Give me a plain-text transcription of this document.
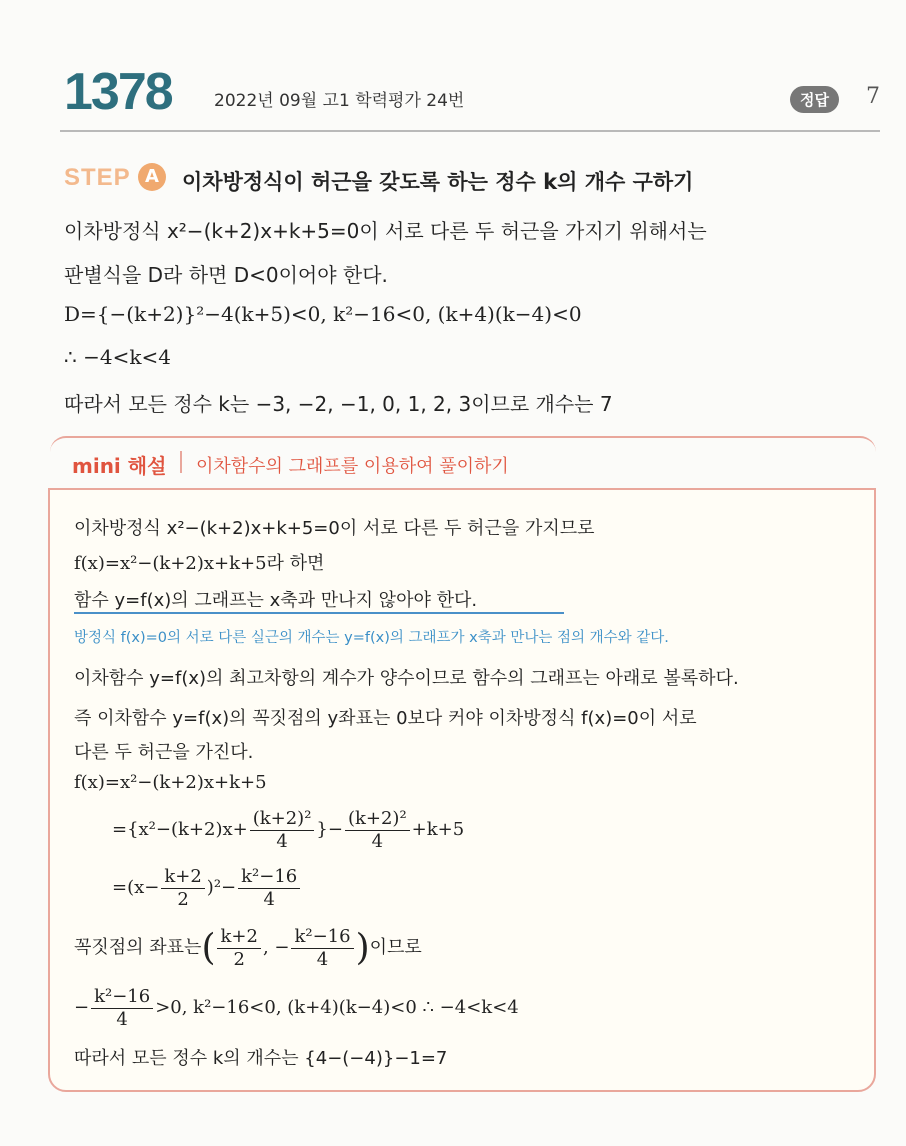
1378 2022년 09월 고1 학력평가 24번	정답	7
STEP A	이차방정식이 허근을 갖도록 하는 정수 k의 개수 구하기
이차방정식 x²−(k+2)x+k+5=0이 서로 다른 두 허근을 가지기 위해서는
판별식을 D라 하면 D<0이어야 한다.
D={−(k+2)}²−4(k+5)<0, k²−16<0, (k+4)(k−4)<0
∴ −4<k<4
따라서 모든 정수 k는 −3, −2, −1, 0, 1, 2, 3이므로 개수는 7
mini 해설 이차함수의 그래프를 이용하여 풀이하기
이차방정식 x²−(k+2)x+k+5=0이 서로 다른 두 허근을 가지므로
f(x)=x²−(k+2)x+k+5라 하면
함수 y=f(x)의 그래프는 x축과 만나지 않아야 한다.
방정식 f(x)=0의 서로 다른 실근의 개수는 y=f(x)의 그래프가 x축과 만나는 점의 개수와 같다.
이차함수 y=f(x)의 최고차항의 계수가 양수이므로 함수의 그래프는 아래로 볼록하다.
즉 이차함수 y=f(x)의 꼭짓점의 y좌표는 0보다 커야 이차방정식 f(x)=0이 서로
다른 두 허근을 가진다.
f(x)=x²−(k+2)x+k+5
$=\{x^2-(k+2)x+ \frac{\text{(k+2)²}}{4}$ }− $\frac{\text{(k+2)²}}{4} +k+5$
$=(x- \frac{k+2}{2} )^2- \frac{\text{k²−16}}{4}$
꼭짓점의 좌표는( $\frac{k+2}{2}$ , − $\frac{\text{k²−16}}{4}$ )이므로
− $\frac{\text{k²−16}}{4} >0$, k²−16<0, (k+4)(k−4)<0 ∴ −4<k<4
따라서 모든 정수 k의 개수는 {4−(−4)}−1=7
